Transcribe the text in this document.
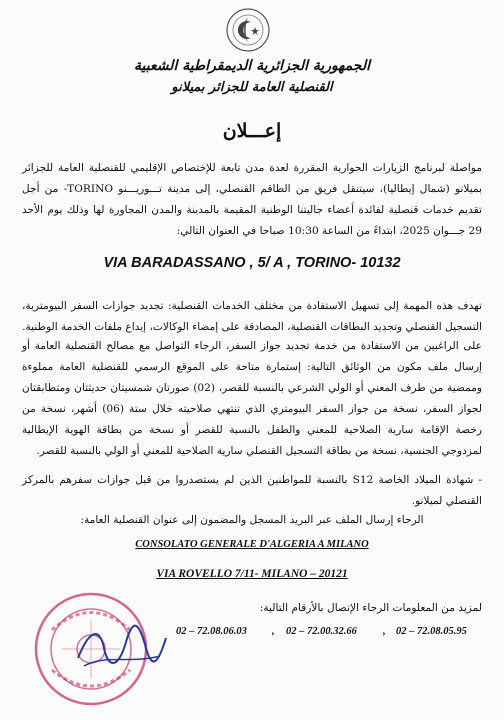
الجمهورية الجزائرية الديمقراطية الشعبية
القنصلية العامة للجزائر بميلانو
إعـــلان
مواصلة لبرنامج الزيارات الجوارية المقررة لعدة مدن تابعة للإختصاص الإقليمي للقنصلية العامة للجزائر بميلانو (شمال إيطاليا)، سيتنقل فريق من الطاقم القنصلي، إلى مدينة تـــوريـــنو TORINO- من أجل تقديم خدمات قنصلية لفائدة أعضاء جاليتنا الوطنية المقيمة بالمدينة والمدن المجاورة لها وذلك يوم الأحد 29 جـــوان 2025، ابتداءً من الساعة 10:30 صباحا في العنوان التالي:
VIA BARADASSANO , 5/ A , TORINO- 10132
تهدف هذه المهمة إلى تسهيل الاستفادة من مختلف الخدمات القنصلية: تجديد جوازات السفر البيومترية، التسجيل القنصلي وتجديد البطاقات القنصلية، المصادقة على إمضاء الوكالات، إيداع ملفات الخدمة الوطنية.
على الراغبين من الاستفادة من خدمة تجديد جواز السفر، الرجاء التواصل مع مصالح القنصلية العامة أو إرسال ملف مكون من الوثائق التالية: إستمارة متاحة على الموقع الرسمي للقنصلية العامة مملوءة وممضية من طرف المعني أو الولي الشرعي بالنسبة للقصر، (02) صورتان شمسيتان حديثتان ومتطابقتان لجواز السفر، نسخة من جواز السفر البيومتري الذي تنتهي صلاحيته خلال ستة (06) أشهر، نسخة من رخصة الإقامة سارية الصلاحية للمعني والطفل بالنسبة للقصر أو نسخة من بطاقة الهوية الإيطالية لمزدوجي الجنسية، نسخة من بطاقة التسجيل القنصلي سارية الصلاحية للمعني أو الولي بالنسبة للقصر.
- شهادة الميلاد الخاصة S12 بالنسبة للمواطنين الذين لم يستصدروا من قبل جوازات سفرهم بالمركز القنصلي لميلانو.
الرجاء إرسال الملف عبر البريد المسجل والمضمون إلى عنوان القنصلية العامة:
CONSOLATO GENERALE D'ALGERIA A MILANO
VIA ROVELLO 7/11- MILANO – 20121
لمزيد من المعلومات الرجاء الإتصال بالأرقام التالية:
02 – 72.08.06.03 , 02 – 72.00.32.66 , 02 – 72.08.05.95
